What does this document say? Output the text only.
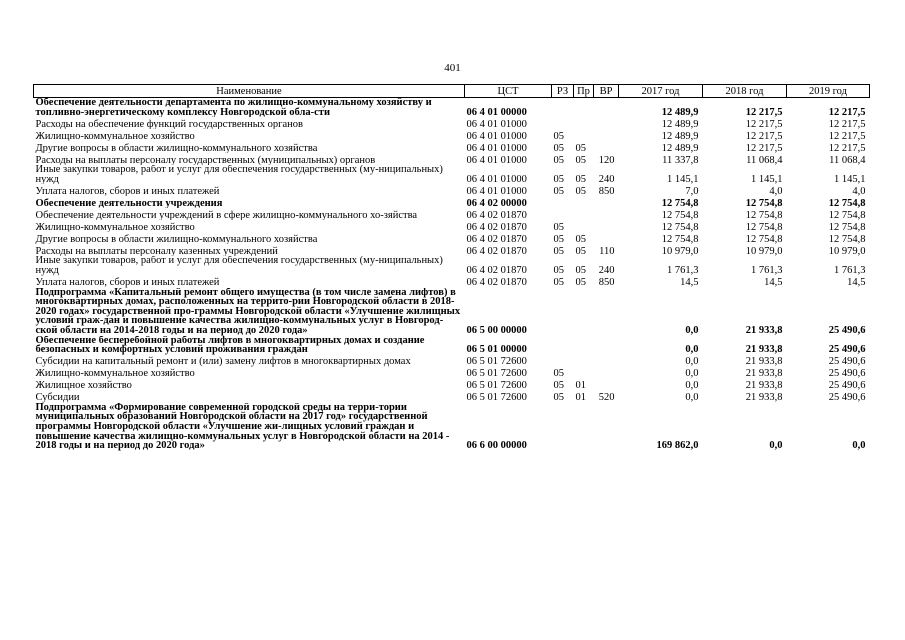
401
Наименование	ЦСТ	РЗ	Пр	ВР	2017 год	2018 год	2019 год
Обеспечение деятельности департамента по жилищно-коммунальному хозяйству и топливно-энергетическому комплексу Новгородской обла-сти	06 4 01 00000				12 489,9	12 217,5	12 217,5
Расходы на обеспечение функций государственных органов	06 4 01 01000				12 489,9	12 217,5	12 217,5
Жилищно-коммунальное хозяйство	06 4 01 01000	05			12 489,9	12 217,5	12 217,5
Другие вопросы в области жилищно-коммунального хозяйства	06 4 01 01000	05	05		12 489,9	12 217,5	12 217,5
Расходы на выплаты персоналу государственных (муниципальных) органов	06 4 01 01000	05	05	120	11 337,8	11 068,4	11 068,4
Иные закупки товаров, работ и услуг для обеспечения государственных (му-ниципальных) нужд	06 4 01 01000	05	05	240	1 145,1	1 145,1	1 145,1
Уплата налогов, сборов и иных платежей	06 4 01 01000	05	05	850	7,0	4,0	4,0
Обеспечение деятельности учреждения	06 4 02 00000				12 754,8	12 754,8	12 754,8
Обеспечение деятельности учреждений в сфере жилищно-коммунального хо-зяйства	06 4 02 01870				12 754,8	12 754,8	12 754,8
Жилищно-коммунальное хозяйство	06 4 02 01870	05			12 754,8	12 754,8	12 754,8
Другие вопросы в области жилищно-коммунального хозяйства	06 4 02 01870	05	05		12 754,8	12 754,8	12 754,8
Расходы на выплаты персоналу казенных учреждений	06 4 02 01870	05	05	110	10 979,0	10 979,0	10 979,0
Иные закупки товаров, работ и услуг для обеспечения государственных (му-ниципальных) нужд	06 4 02 01870	05	05	240	1 761,3	1 761,3	1 761,3
Уплата налогов, сборов и иных платежей	06 4 02 01870	05	05	850	14,5	14,5	14,5
Подпрограмма «Капитальный ремонт общего имущества (в том числе замена лифтов) в многоквартирных домах, расположенных на террито-рии Новгородской области в 2018-2020 годах» государственной про-граммы Новгородской области «Улучшение жилищных условий граж-дан и повышение качества жилищно-коммунальных услуг в Новгород-ской области на 2014-2018 годы и на период до 2020 года»	06 5 00 00000				0,0	21 933,8	25 490,6
Обеспечение бесперебойной работы лифтов в многоквартирных домах и создание безопасных и комфортных условий проживания граждан	06 5 01 00000				0,0	21 933,8	25 490,6
Субсидии на капитальный ремонт и (или) замену лифтов в многоквартирных домах	06 5 01 72600				0,0	21 933,8	25 490,6
Жилищно-коммунальное хозяйство	06 5 01 72600	05			0,0	21 933,8	25 490,6
Жилищное хозяйство	06 5 01 72600	05	01		0,0	21 933,8	25 490,6
Субсидии	06 5 01 72600	05	01	520	0,0	21 933,8	25 490,6
Подпрограмма «Формирование современной городской среды на терри-тории муниципальных образований Новгородской области на 2017 год» государственной программы Новгородской области «Улучшение жи-лищных условий граждан и повышение качества жилищно-коммунальных услуг в Новгородской области на 2014 - 2018 годы и на период до 2020 года»	06 6 00 00000				169 862,0	0,0	0,0
